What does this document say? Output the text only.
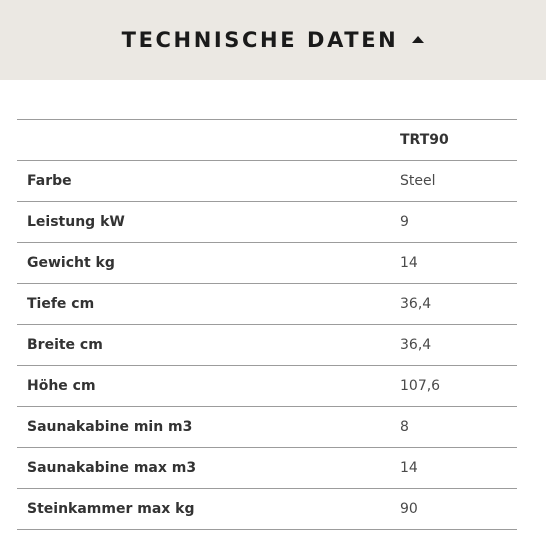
TECHNISCHE DATEN
	TRT90
Farbe	Steel
Leistung kW	9
Gewicht kg	14
Tiefe cm	36,4
Breite cm	36,4
Höhe cm	107,6
Saunakabine min m3	8
Saunakabine max m3	14
Steinkammer max kg	90
